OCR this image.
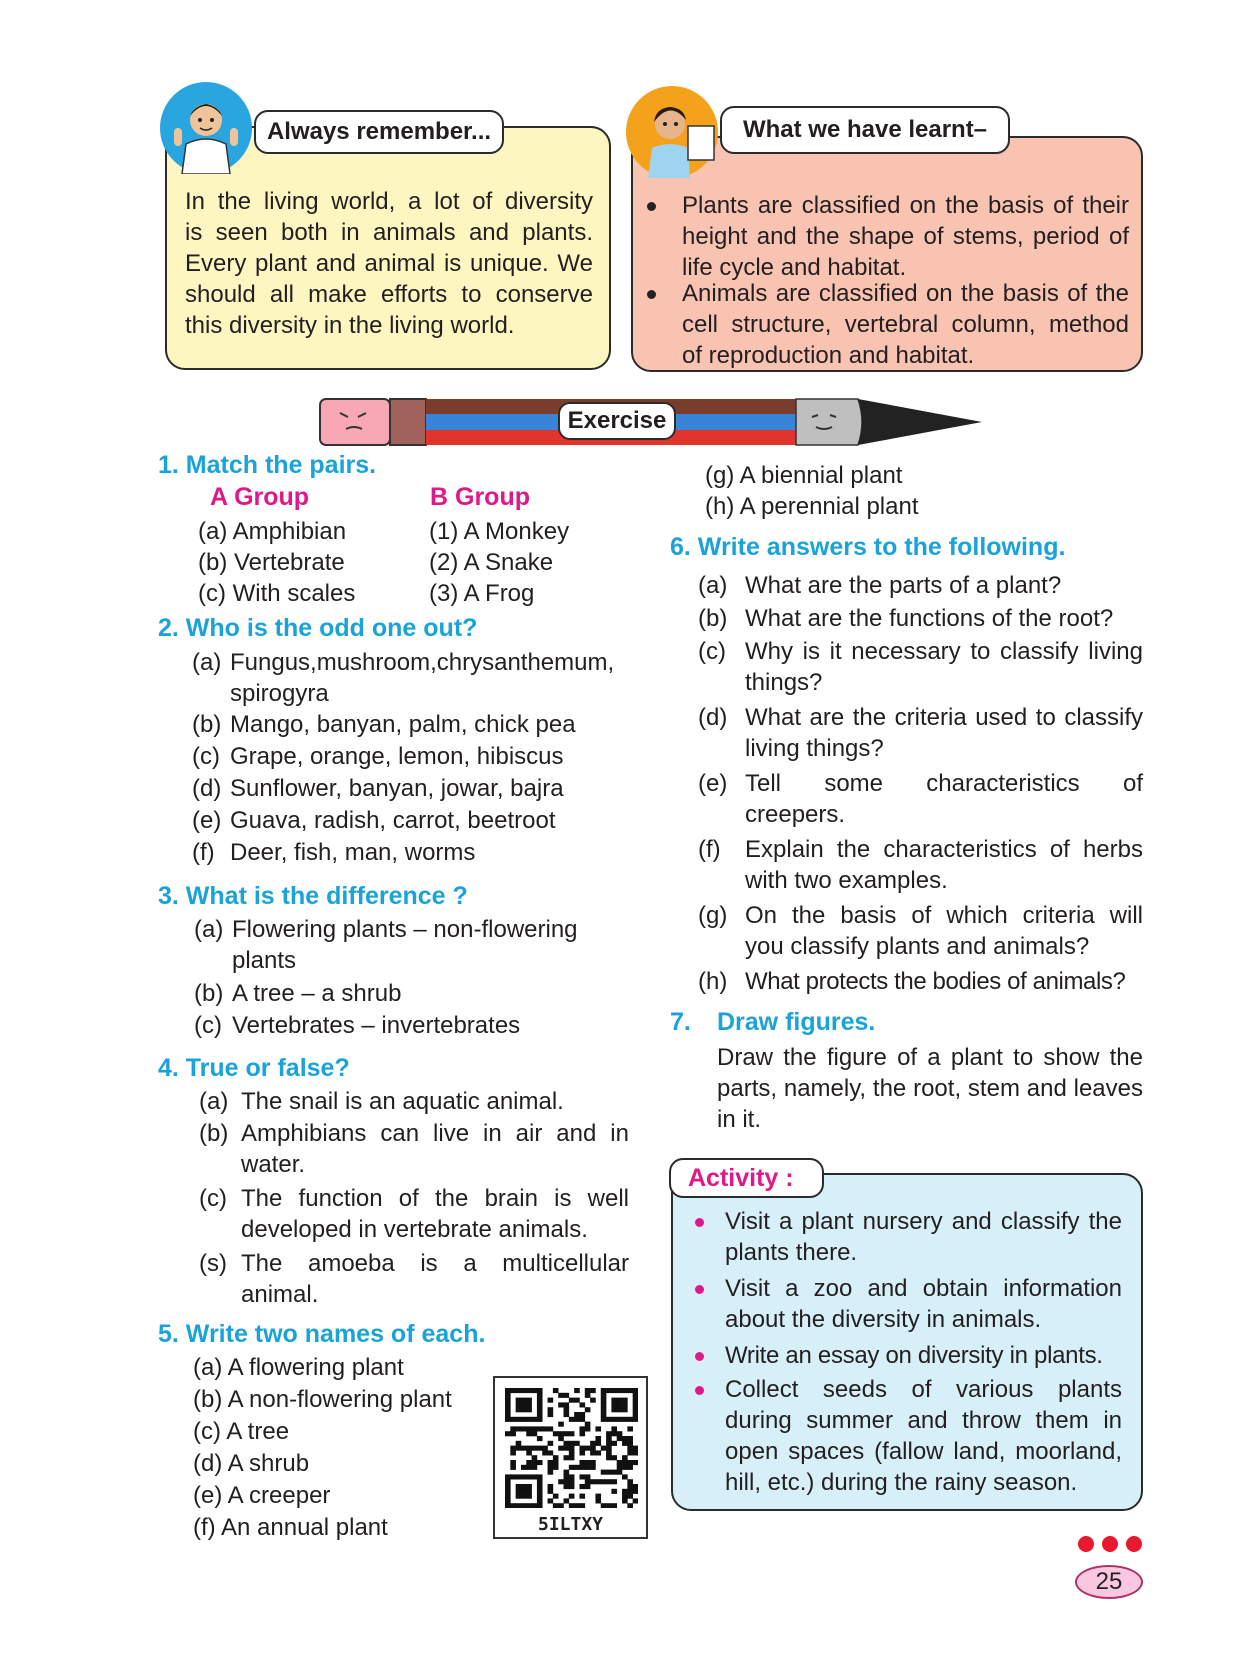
Always remember...
In the living world, a lot of diversity
is seen both in animals and plants.
Every plant and animal is unique. We
should all make efforts to conserve
this diversity in the living world.
What we have learnt–
Plants are classified on the basis of their
height and the shape of stems, period of
life cycle and habitat.
Animals are classified on the basis of the
cell structure, vertebral column, method
of reproduction and habitat.
Exercise
1. Match the pairs.
A Group	B Group
(a) Amphibian
(b) Vertebrate
(c) With scales
(1) A Monkey
(2) A Snake
(3) A Frog
2. Who is the odd one out?
(a) Fungus,mushroom,chrysanthemum,
spirogyra
(b) Mango, banyan, palm, chick pea
(c) Grape, orange, lemon, hibiscus
(d) Sunflower, banyan, jowar, bajra
(e) Guava, radish, carrot, beetroot
(f) Deer, fish, man, worms
3. What is the difference ?
(a) Flowering plants – non-flowering
plants
(b) A tree – a shrub
(c) Vertebrates – invertebrates
4. True or false?
(a) The snail is an aquatic animal.
(b) Amphibians can live in air and in
water.
(c) The function of the brain is well
developed in vertebrate animals.
(s) The amoeba is a multicellular
animal.
5. Write two names of each.
(a) A flowering plant
(b) A non-flowering plant
(c) A tree
(d) A shrub
(e) A creeper
(f) An annual plant	5ILTXY
(g) A biennial plant
(h) A perennial plant
6. Write answers to the following.
(a) What are the parts of a plant?
(b) What are the functions of the root?
(c) Why is it necessary to classify living
things?
(d) What are the criteria used to classify
living things?
(e) Tell some characteristics of
creepers.
(f) Explain the characteristics of herbs
with two examples.
(g) On the basis of which criteria will
you classify plants and animals?
(h) What protects the bodies of animals?
7. Draw figures.
Draw the figure of a plant to show the
parts, namely, the root, stem and leaves
in it.
Activity :
Visit a plant nursery and classify the
plants there.
Visit a zoo and obtain information
about the diversity in animals.
Write an essay on diversity in plants.
Collect seeds of various plants
during summer and throw them in
open spaces (fallow land, moorland,
hill, etc.) during the rainy season.
25
